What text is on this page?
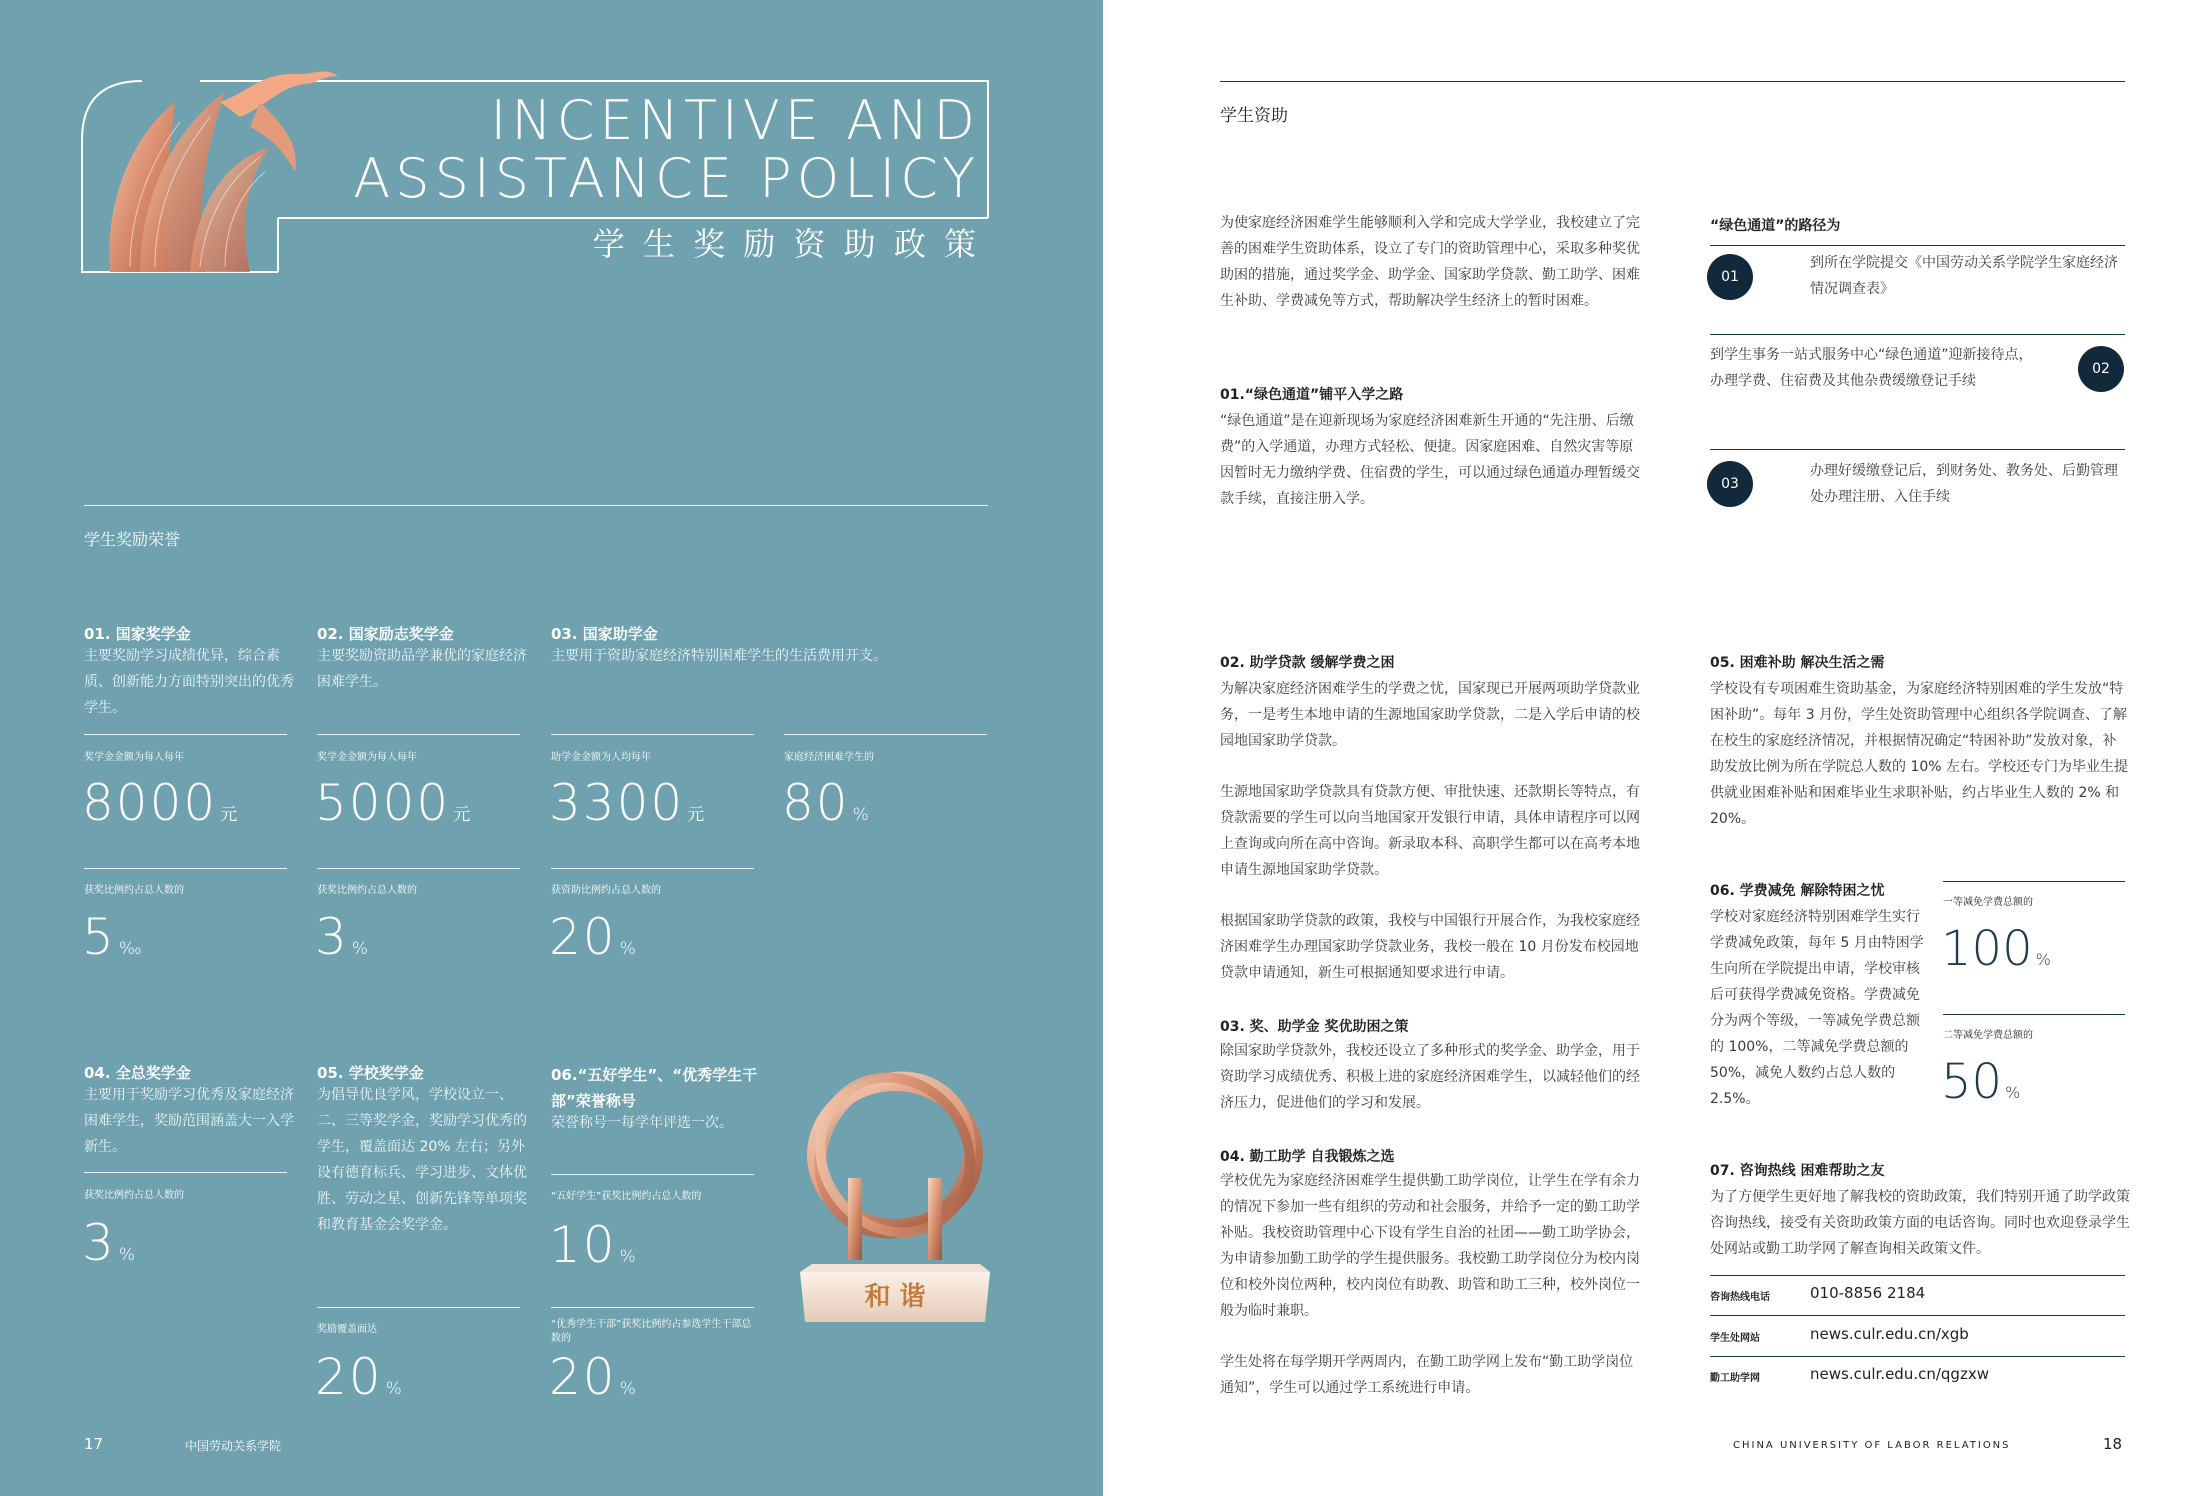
INCENTIVE AND
ASSISTANCE POLICY
学 生 奖 励 资 助 政 策
学生奖励荣誉
01. 国家奖学金
主要奖励学习成绩优异，综合素质、创新能力方面特别突出的优秀学生。
02. 国家励志奖学金
主要奖励资助品学兼优的家庭经济困难学生。
03. 国家助学金
主要用于资助家庭经济特别困难学生的生活费用开支。
奖学金金额为每人每年
8000 元
奖学金金额为每人每年
5000 元
助学金金额为人均每年
3300 元
家庭经济困难学生的
80 %
获奖比例约占总人数的
5 ‰
获奖比例约占总人数的
3 %
获资助比例约占总人数的
20 %
04. 全总奖学金
主要用于奖励学习优秀及家庭经济困难学生，奖励范围涵盖大一入学新生。
05. 学校奖学金
为倡导优良学风，学校设立一、二、三等奖学金，奖励学习优秀的学生，覆盖面达 20% 左右；另外设有德育标兵、学习进步、文体优胜、劳动之星、创新先锋等单项奖和教育基金会奖学金。
06.“五好学生”、“优秀学生干部”荣誉称号
荣誉称号一每学年评选一次。
获奖比例约占总人数的
3 %
“五好学生”获奖比例约占总人数的
10 %
奖励覆盖面达
20 %
“优秀学生干部”获奖比例约占参选学生干部总数的
20 %
和 谐
17	中国劳动关系学院
学生资助
为使家庭经济困难学生能够顺利入学和完成大学学业，我校建立了完善的困难学生资助体系，设立了专门的资助管理中心，采取多种奖优助困的措施，通过奖学金、助学金、国家助学贷款、勤工助学、困难生补助、学费减免等方式，帮助解决学生经济上的暂时困难。
01.“绿色通道”铺平入学之路
“绿色通道”是在迎新现场为家庭经济困难新生开通的“先注册、后缴费”的入学通道，办理方式轻松、便捷。因家庭困难、自然灾害等原因暂时无力缴纳学费、住宿费的学生，可以通过绿色通道办理暂缓交款手续，直接注册入学。
“绿色通道”的路径为
01
到所在学院提交《中国劳动关系学院学生家庭经济情况调查表》
到学生事务一站式服务中心“绿色通道”迎新接待点，办理学费、住宿费及其他杂费缓缴登记手续
02
03
办理好缓缴登记后，到财务处、教务处、后勤管理处办理注册、入住手续
02. 助学贷款 缓解学费之困
为解决家庭经济困难学生的学费之忧，国家现已开展两项助学贷款业务，一是考生本地申请的生源地国家助学贷款，二是入学后申请的校园地国家助学贷款。
生源地国家助学贷款具有贷款方便、审批快速、还款期长等特点，有贷款需要的学生可以向当地国家开发银行申请，具体申请程序可以网上查询或向所在高中咨询。新录取本科、高职学生都可以在高考本地申请生源地国家助学贷款。
根据国家助学贷款的政策，我校与中国银行开展合作，为我校家庭经济困难学生办理国家助学贷款业务，我校一般在 10 月份发布校园地贷款申请通知，新生可根据通知要求进行申请。
03. 奖、助学金 奖优助困之策
除国家助学贷款外，我校还设立了多种形式的奖学金、助学金，用于资助学习成绩优秀、积极上进的家庭经济困难学生，以减轻他们的经济压力，促进他们的学习和发展。
04. 勤工助学 自我锻炼之选
学校优先为家庭经济困难学生提供勤工助学岗位，让学生在学有余力的情况下参加一些有组织的劳动和社会服务，并给予一定的勤工助学补贴。我校资助管理中心下设有学生自治的社团——勤工助学协会，为申请参加勤工助学的学生提供服务。我校勤工助学岗位分为校内岗位和校外岗位两种，校内岗位有助教、助管和助工三种，校外岗位一般为临时兼职。
学生处将在每学期开学两周内，在勤工助学网上发布“勤工助学岗位通知”，学生可以通过学工系统进行申请。
05. 困难补助 解决生活之需
学校设有专项困难生资助基金，为家庭经济特别困难的学生发放“特困补助”。每年 3 月份，学生处资助管理中心组织各学院调查、了解在校生的家庭经济情况，并根据情况确定“特困补助”发放对象，补助发放比例为所在学院总人数的 10% 左右。学校还专门为毕业生提供就业困难补贴和困难毕业生求职补贴，约占毕业生人数的 2% 和 20%。
06. 学费减免 解除特困之忧
学校对家庭经济特别困难学生实行学费减免政策，每年 5 月由特困学生向所在学院提出申请，学校审核后可获得学费减免资格。学费减免分为两个等级，一等减免学费总额的 100%，二等减免学费总额的 50%，减免人数约占总人数的 2.5%。
一等减免学费总额的
100 %
二等减免学费总额的
50 %
07. 咨询热线 困难帮助之友
为了方便学生更好地了解我校的资助政策，我们特别开通了助学政策咨询热线，接受有关资助政策方面的电话咨询。同时也欢迎登录学生处网站或勤工助学网了解查询相关政策文件。
咨询热线电话	010-8856 2184
学生处网站	news.culr.edu.cn/xgb
勤工助学网	news.culr.edu.cn/qgzxw
CHINA UNIVERSITY OF LABOR RELATIONS	18
